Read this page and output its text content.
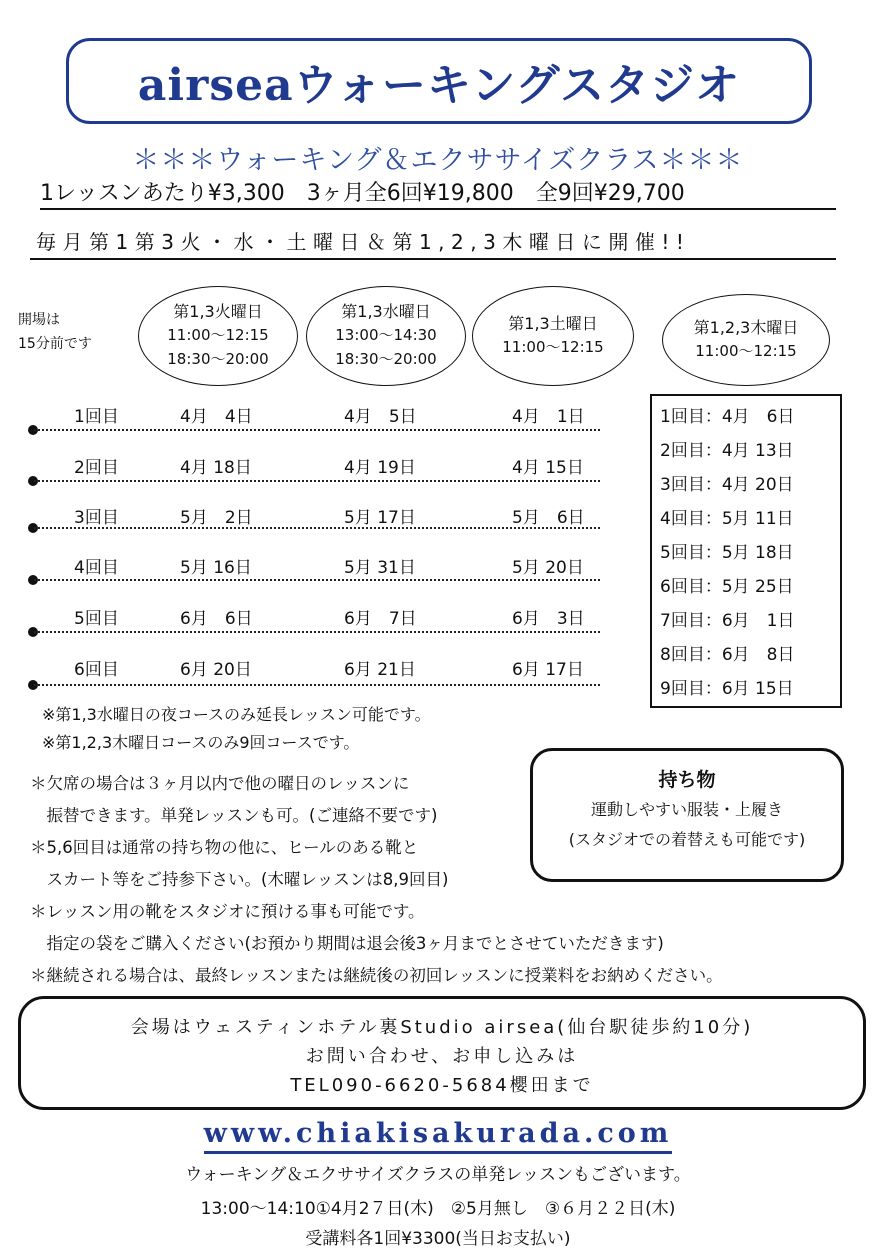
airseaウォーキングスタジオ
＊＊＊ウォーキング＆エクササイズクラス＊＊＊
1レッスンあたり¥3,300　3ヶ月全6回¥19,800　全9回¥29,700
毎月第1第3火・水・土曜日＆第1,2,3木曜日に開催!!
開場は
15分前です
第1,3火曜日
11:00〜12:15
18:30〜20:00
第1,3水曜日
13:00〜14:30
18:30〜20:00
第1,3土曜日
11:00〜12:15
第1,2,3木曜日
11:00〜12:15
1回目	4月　4日	4月　5日	4月　1日
2回目	4月 18日	4月 19日	4月 15日
3回目	5月　2日	5月 17日	5月　6日
4回目	5月 16日	5月 31日	5月 20日
5回目	6月　6日	6月　7日	6月　3日
6回目	6月 20日	6月 21日	6月 17日
1回目：4月　6日
2回目：4月 13日
3回目：4月 20日
4回目：5月 11日
5回目：5月 18日
6回目：5月 25日
7回目：6月　1日
8回目：6月　8日
9回目：6月 15日
※第1,3水曜日の夜コースのみ延長レッスン可能です。
※第1,2,3木曜日コースのみ9回コースです。
持ち物
運動しやすい服装・上履き
(スタジオでの着替えも可能です)
＊欠席の場合は３ヶ月以内で他の曜日のレッスンに
　振替できます。単発レッスンも可。(ご連絡不要です)
＊5,6回目は通常の持ち物の他に、ヒールのある靴と
　スカート等をご持参下さい。(木曜レッスンは8,9回目)
＊レッスン用の靴をスタジオに預ける事も可能です。
　指定の袋をご購入ください(お預かり期間は退会後3ヶ月までとさせていただきます)
＊継続される場合は、最終レッスンまたは継続後の初回レッスンに授業料をお納めください。
会場はウェスティンホテル裏Studio airsea(仙台駅徒歩約10分)
お問い合わせ、お申し込みは
TEL090-6620-5684櫻田まで
www.chiakisakurada.com
ウォーキング＆エクササイズクラスの単発レッスンもございます。
13:00〜14:10①4月2７日(木)　②5月無し　③６月２２日(木)
受講料各1回¥3300(当日お支払い)
